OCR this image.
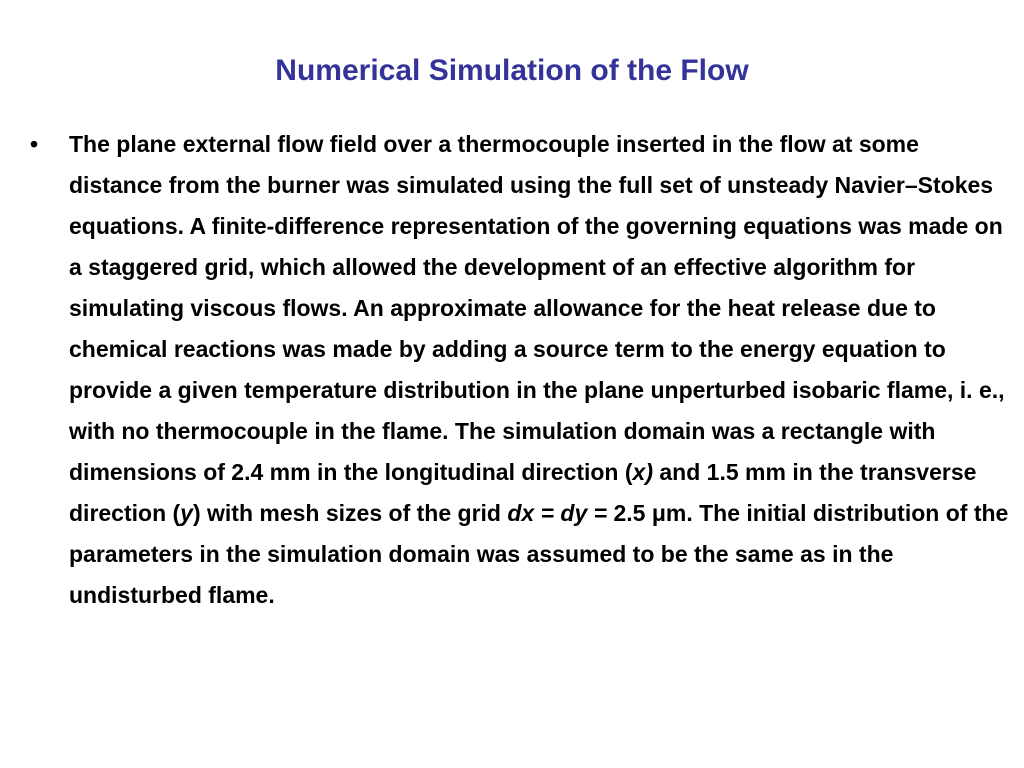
Numerical Simulation of the Flow
• The plane external flow field over a thermocouple inserted in the flow at some distance from the burner was simulated using the full set of unsteady Navier–Stokes equations. A finite-difference representation of the governing equations was made on a staggered grid, which allowed the development of an effective algorithm for simulating viscous flows. An approximate allowance for the heat release due to chemical reactions was made by adding a source term to the energy equation to provide a given temperature distribution in the plane unperturbed isobaric flame, i. e., with no thermocouple in the flame. The simulation domain was a rectangle with dimensions of 2.4 mm in the longitudinal direction (x) and 1.5 mm in the transverse direction (y) with mesh sizes of the grid dx = dy = 2.5 μm. The initial distribution of the parameters in the simulation domain was assumed to be the same as in the undisturbed flame.
